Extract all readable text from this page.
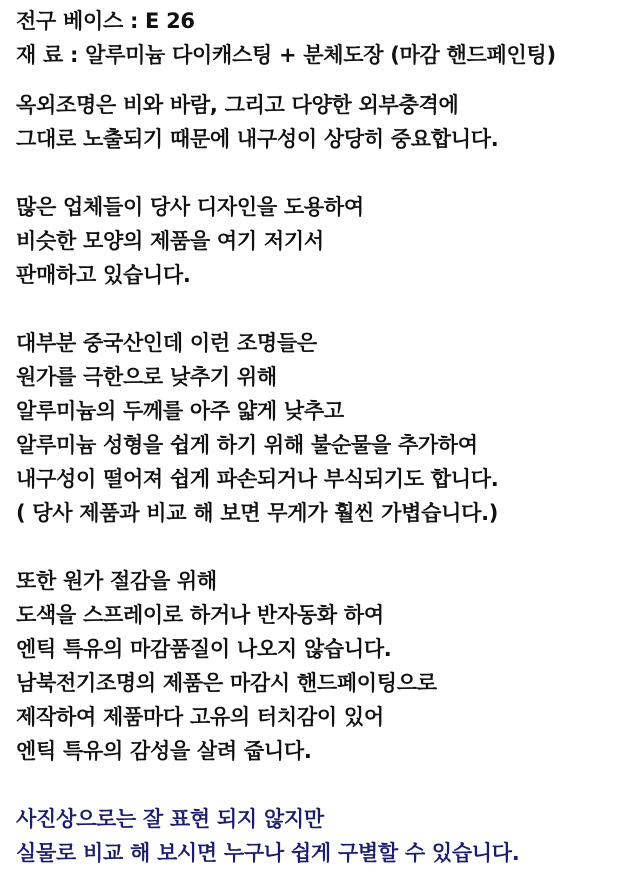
전구 베이스 : E 26
재 료 : 알루미늄 다이캐스팅 + 분체도장 (마감 핸드페인팅)
옥외조명은 비와 바람, 그리고 다양한 외부충격에
그대로 노출되기 때문에 내구성이 상당히 중요합니다.
많은 업체들이 당사 디자인을 도용하여
비슷한 모양의 제품을 여기 저기서
판매하고 있습니다.
대부분 중국산인데 이런 조명들은
원가를 극한으로 낮추기 위해
알루미늄의 두께를 아주 얇게 낮추고
알루미늄 성형을 쉽게 하기 위해 불순물을 추가하여
내구성이 떨어져 쉽게 파손되거나 부식되기도 합니다.
( 당사 제품과 비교 해 보면 무게가 훨씬 가볍습니다.)
또한 원가 절감을 위해
도색을 스프레이로 하거나 반자동화 하여
엔틱 특유의 마감품질이 나오지 않습니다.
남북전기조명의 제품은 마감시 핸드페이팅으로
제작하여 제품마다 고유의 터치감이 있어
엔틱 특유의 감성을 살려 줍니다.
사진상으로는 잘 표현 되지 않지만
실물로 비교 해 보시면 누구나 쉽게 구별할 수 있습니다.
